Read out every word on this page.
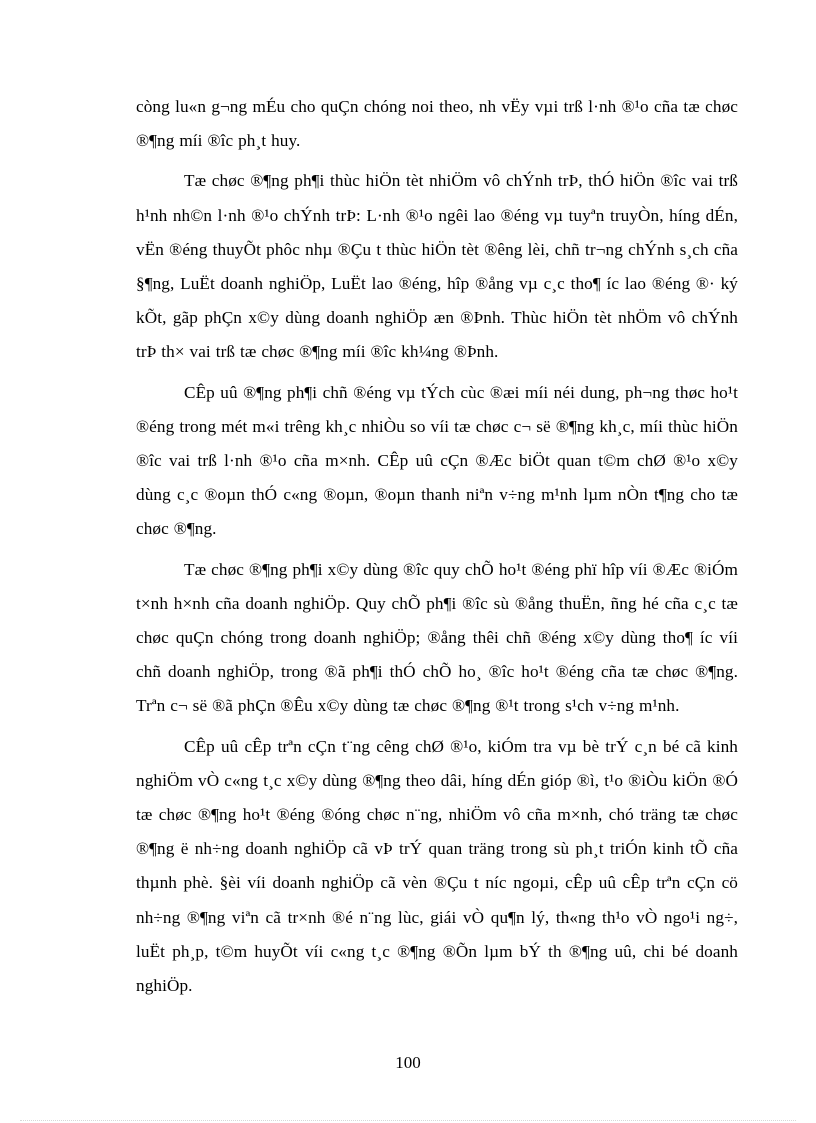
còng lu«n g¬ng mÉu cho quÇn chóng noi theo, nh vËy vµi trß l·nh ®¹o cña tæ chøc ®¶ng míi ®îc ph¸t huy.

Tæ chøc ®¶ng ph¶i thùc hiÖn tèt nhiÖm vô chÝnh trÞ, thÓ hiÖn ®îc vai trß h¹nh nh©n l·nh ®¹o chÝnh trÞ: L·nh ®¹o ngêi lao ®éng vµ tuyªn truyÒn, híng dÉn, vËn ®éng thuyÕt phôc nhµ ®Çu t thùc hiÖn tèt ®êng lèi, chñ tr¬ng chÝnh s¸ch cña §¶ng, LuËt doanh nghiÖp, LuËt lao ®éng, hîp ®ång vµ c¸c tho¶ íc lao ®éng ®· ký kÕt, gãp phÇn x©y dùng doanh nghiÖp æn ®Þnh. Thùc hiÖn tèt nhÖm vô chÝnh trÞ th× vai trß tæ chøc ®¶ng míi ®îc kh¼ng ®Þnh.

CÊp uû ®¶ng ph¶i chñ ®éng vµ tÝch cùc ®æi míi néi dung, ph¬ng thøc ho¹t ®éng trong mét m«i trêng kh¸c nhiÒu so víi tæ chøc c¬ së ®¶ng kh¸c, míi thùc hiÖn ®îc vai trß l·nh ®¹o cña m×nh. CÊp uû cÇn ®Æc biÖt quan t©m chØ ®¹o x©y dùng c¸c ®oµn thÓ c«ng ®oµn, ®oµn thanh niªn v÷ng m¹nh lµm nÒn t¶ng cho tæ chøc ®¶ng.

Tæ chøc ®¶ng ph¶i x©y dùng ®îc quy chÕ ho¹t ®éng phï hîp víi ®Æc ®iÓm t×nh h×nh cña doanh nghiÖp. Quy chÕ ph¶i ®îc sù ®ång thuËn, ñng hé cña c¸c tæ chøc quÇn chóng trong doanh nghiÖp; ®ång thêi chñ ®éng x©y dùng tho¶ íc víi chñ doanh nghiÖp, trong ®ã ph¶i thÓ chÕ ho¸ ®îc ho¹t ®éng cña tæ chøc ®¶ng. Trªn c¬ së ®ã phÇn ®Êu x©y dùng tæ chøc ®¶ng ®¹t trong s¹ch v÷ng m¹nh.

CÊp uû cÊp trªn cÇn t¨ng cêng chØ ®¹o, kiÓm tra vµ bè trÝ c¸n bé cã kinh nghiÖm vÒ c«ng t¸c x©y dùng ®¶ng theo dâi, híng dÉn gióp ®ì, t¹o ®iÒu kiÖn ®Ó tæ chøc ®¶ng ho¹t ®éng ®óng chøc n¨ng, nhiÖm vô cña m×nh, chó träng tæ chøc ®¶ng ë nh÷ng doanh nghiÖp cã vÞ trÝ quan träng trong sù ph¸t triÓn kinh tÕ cña thµnh phè. §èi víi doanh nghiÖp cã vèn ®Çu t níc ngoµi, cÊp uû cÊp trªn cÇn cö nh÷ng ®¶ng viªn cã tr×nh ®é n¨ng lùc, giái vÒ qu¶n lý, th«ng th¹o vÒ ngo¹i ng÷, luËt ph¸p, t©m huyÕt víi c«ng t¸c ®¶ng ®Õn lµm bÝ th ®¶ng uû, chi bé doanh nghiÖp.

100
